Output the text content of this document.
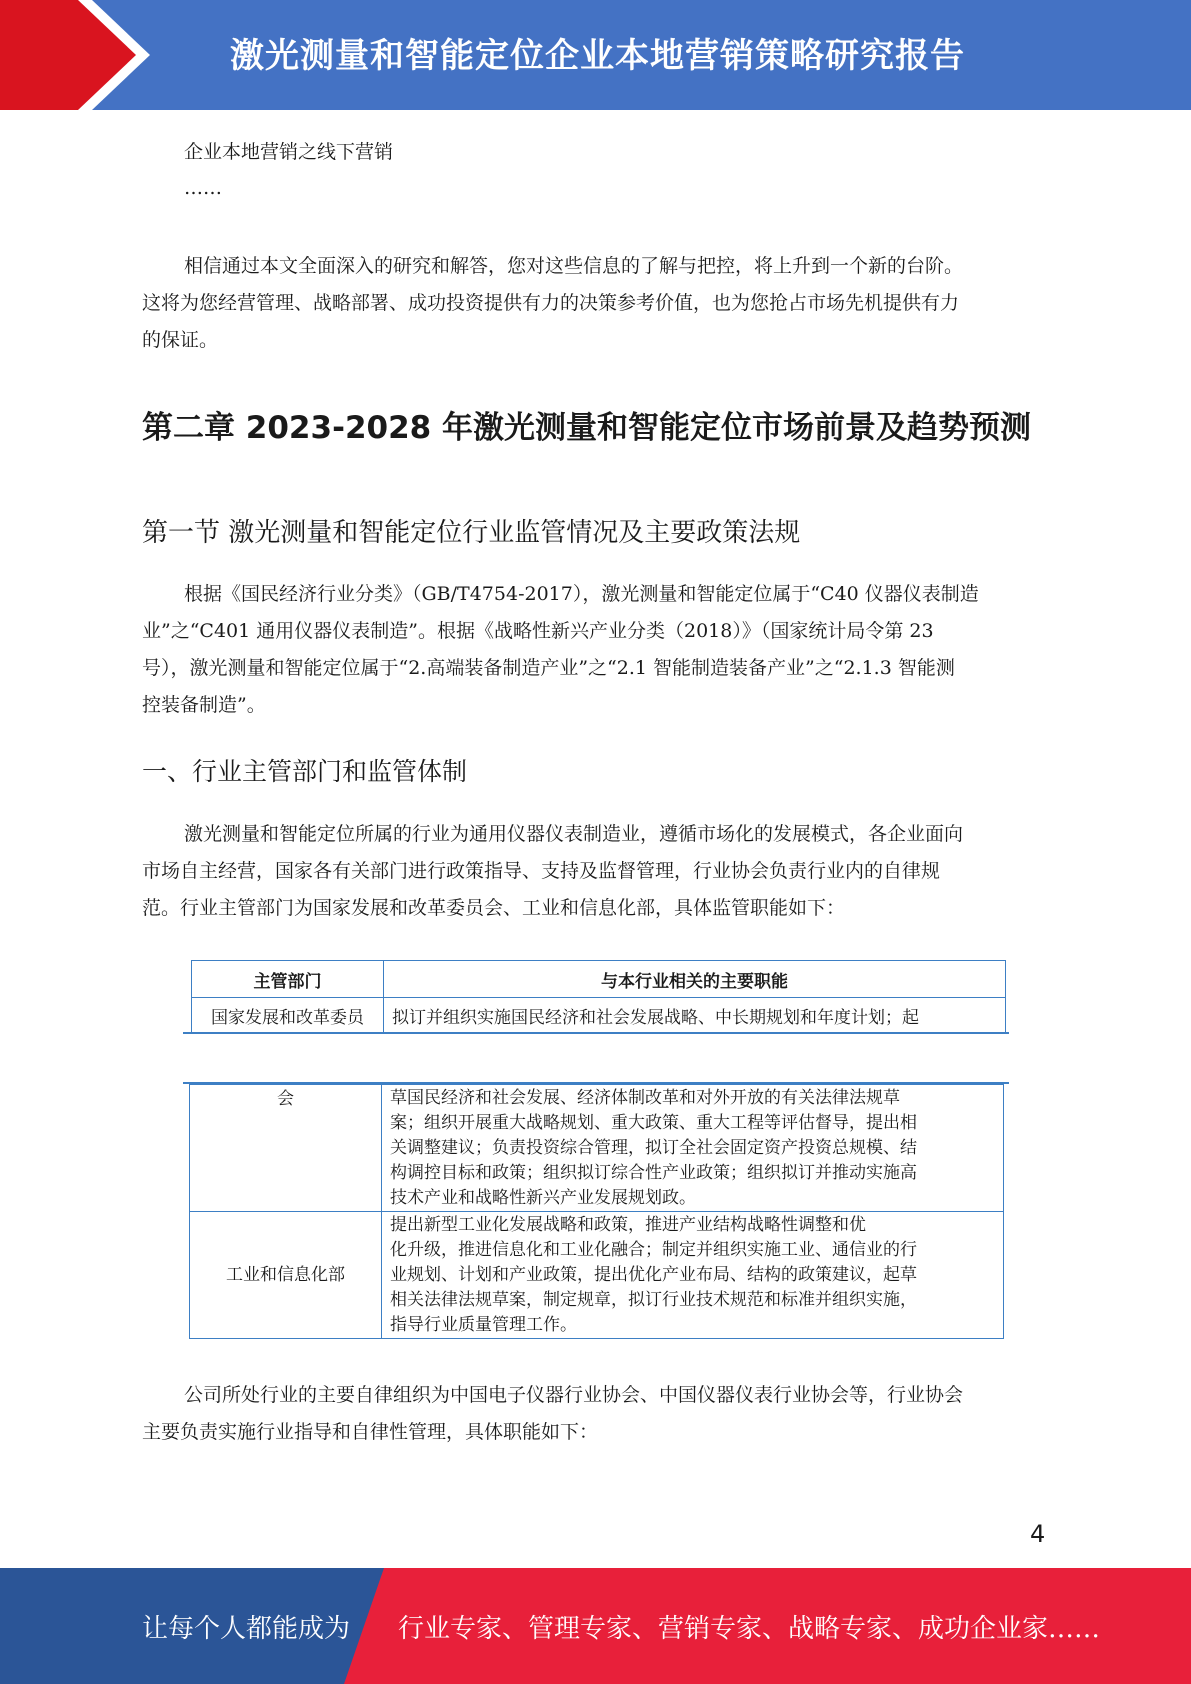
激光测量和智能定位企业本地营销策略研究报告
企业本地营销之线下营销
……
相信通过本文全面深入的研究和解答，您对这些信息的了解与把控，将上升到一个新的台阶。
这将为您经营管理、战略部署、成功投资提供有力的决策参考价值，也为您抢占市场先机提供有力
的保证。
第二章 2023-2028 年激光测量和智能定位市场前景及趋势预测
第一节 激光测量和智能定位行业监管情况及主要政策法规
根据《国民经济行业分类》（GB/T4754-2017），激光测量和智能定位属于“C40 仪器仪表制造
业”之“C401 通用仪器仪表制造”。根据《战略性新兴产业分类（2018）》（国家统计局令第 23
号），激光测量和智能定位属于“2.高端装备制造产业”之“2.1 智能制造装备产业”之“2.1.3 智能测
控装备制造”。
一、行业主管部门和监管体制
激光测量和智能定位所属的行业为通用仪器仪表制造业，遵循市场化的发展模式，各企业面向
市场自主经营，国家各有关部门进行政策指导、支持及监督管理，行业协会负责行业内的自律规
范。行业主管部门为国家发展和改革委员会、工业和信息化部，具体监管职能如下：
主管部门	与本行业相关的主要职能
国家发展和改革委员	拟订并组织实施国民经济和社会发展战略、中长期规划和年度计划；起
会	草国民经济和社会发展、经济体制改革和对外开放的有关法律法规草
案；组织开展重大战略规划、重大政策、重大工程等评估督导，提出相
关调整建议；负责投资综合管理，拟订全社会固定资产投资总规模、结
构调控目标和政策；组织拟订综合性产业政策；组织拟订并推动实施高
技术产业和战略性新兴产业发展规划政。

工业和信息化部	提出新型工业化发展战略和政策，推进产业结构战略性调整和优
化升级，推进信息化和工业化融合；制定并组织实施工业、通信业的行
业规划、计划和产业政策，提出优化产业布局、结构的政策建议，起草
相关法律法规草案，制定规章，拟订行业技术规范和标准并组织实施，
指导行业质量管理工作。
公司所处行业的主要自律组织为中国电子仪器行业协会、中国仪器仪表行业协会等，行业协会
主要负责实施行业指导和自律性管理，具体职能如下：
4
让每个人都能成为 行业专家、管理专家、营销专家、战略专家、成功企业家……
